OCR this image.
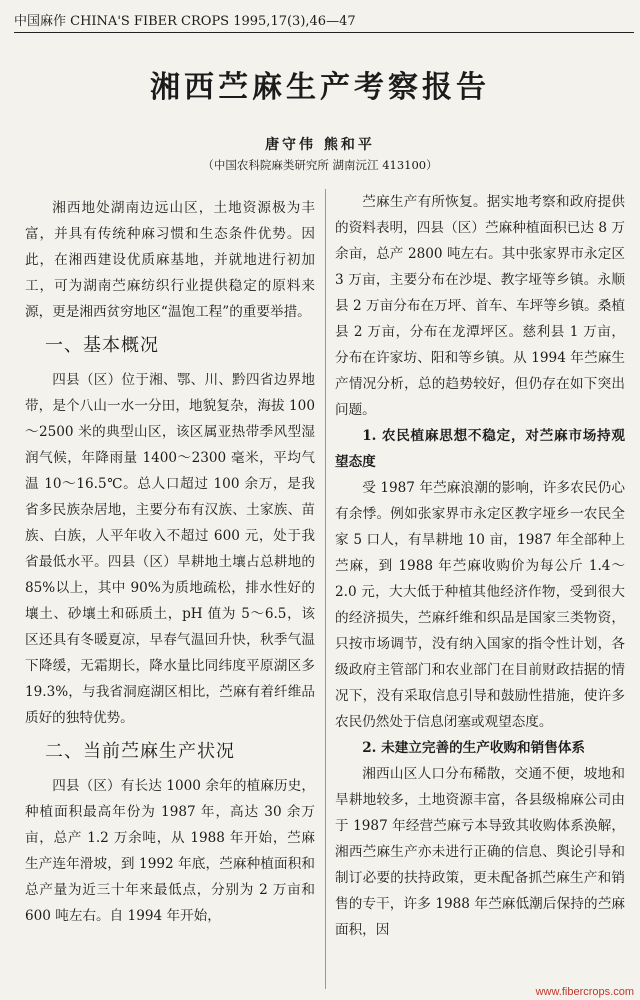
中国麻作 CHINA'S FIBER CROPS 1995,17(3),46—47
湘西苎麻生产考察报告
唐守伟 熊和平
（中国农科院麻类研究所 湖南沅江 413100）

湘西地处湖南边远山区，土地资源极为丰富，并具有传统种麻习惯和生态条件优势。因此，在湘西建设优质麻基地，并就地进行初加工，可为湖南苎麻纺织行业提供稳定的原料来源，更是湘西贫穷地区“温饱工程”的重要举措。

一、基本概况

四县（区）位于湘、鄂、川、黔四省边界地带，是个八山一水一分田，地貌复杂，海拔 100～2500 米的典型山区，该区属亚热带季风型湿润气候，年降雨量 1400～2300 毫米，平均气温 10～16.5℃。总人口超过 100 余万，是我省多民族杂居地，主要分布有汉族、土家族、苗族、白族，人平年收入不超过 600 元，处于我省最低水平。四县（区）旱耕地土壤占总耕地的 85%以上，其中 90%为质地疏松，排水性好的壤土、砂壤土和砾质土，pH 值为 5～6.5，该区还具有冬暖夏凉，早春气温回升快，秋季气温下降缓，无霜期长，降水量比同纬度平原湖区多 19.3%，与我省洞庭湖区相比，苎麻有着纤维品质好的独特优势。

二、当前苎麻生产状况

四县（区）有长达 1000 余年的植麻历史，种植面积最高年份为 1987 年，高达 30 余万亩，总产 1.2 万余吨，从 1988 年开始，苎麻生产连年滑坡，到 1992 年底，苎麻种植面积和总产量为近三十年来最低点，分别为 2 万亩和 600 吨左右。自 1994 年开始，

苎麻生产有所恢复。据实地考察和政府提供的资料表明，四县（区）苎麻种植面积已达 8 万余亩，总产 2800 吨左右。其中张家界市永定区 3 万亩，主要分布在沙堤、教字垭等乡镇。永顺县 2 万亩分布在万坪、首车、车坪等乡镇。桑植县 2 万亩，分布在龙潭坪区。慈利县 1 万亩，分布在许家坊、阳和等乡镇。从 1994 年苎麻生产情况分析，总的趋势较好，但仍存在如下突出问题。

1. 农民植麻思想不稳定，对苎麻市场持观望态度

受 1987 年苎麻浪潮的影响，许多农民仍心有余悸。例如张家界市永定区教字垭乡一农民全家 5 口人，有旱耕地 10 亩，1987 年全部种上苎麻，到 1988 年苎麻收购价为每公斤 1.4～2.0 元，大大低于种植其他经济作物，受到很大的经济损失，苎麻纤维和织品是国家三类物资，只按市场调节，没有纳入国家的指令性计划，各级政府主管部门和农业部门在目前财政拮据的情况下，没有采取信息引导和鼓励性措施，使许多农民仍然处于信息闭塞或观望态度。

2. 未建立完善的生产收购和销售体系

湘西山区人口分布稀散，交通不便，坡地和旱耕地较多，土地资源丰富，各县级棉麻公司由于 1987 年经营苎麻亏本导致其收购体系涣解，湘西苎麻生产亦未进行正确的信息、舆论引导和制订必要的扶持政策，更未配备抓苎麻生产和销售的专干，许多 1988 年苎麻低潮后保持的苎麻面积，因

www.fibercrops.com
